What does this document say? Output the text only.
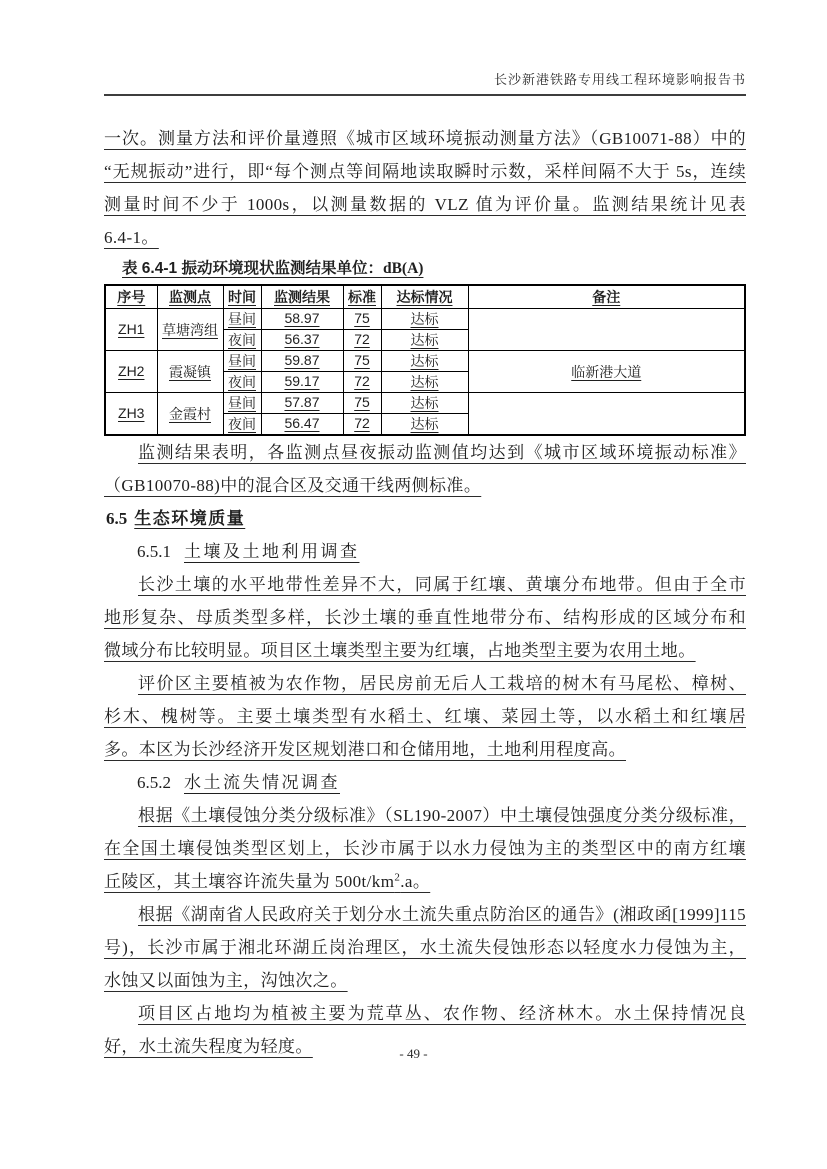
长沙新港铁路专用线工程环境影响报告书
一次。测量方法和评价量遵照《城市区域环境振动测量方法》（GB10071-88）中的
“无规振动”进行，即“每个测点等间隔地读取瞬时示数，采样间隔不大于 5s，连续
测量时间不少于 1000s，以测量数据的 VLZ 值为评价量。监测结果统计见表
6.4-1。
表 6.4-1 振动环境现状监测结果单位：dB(A)
序号	监测点	时间	监测结果	标准	达标情况	备注
ZH1	草塘湾组	昼间	58.97	75	达标	
		夜间	56.37	72	达标	
ZH2	霞凝镇	昼间	59.87	75	达标	临新港大道
		夜间	59.17	72	达标	
ZH3	金霞村	昼间	57.87	75	达标	
		夜间	56.47	72	达标	
监测结果表明，各监测点昼夜振动监测值均达到《城市区域环境振动标准》
（GB10070-88)中的混合区及交通干线两侧标准。
6.5 生态环境质量
6.5.1 土壤及土地利用调查
长沙土壤的水平地带性差异不大，同属于红壤、黄壤分布地带。但由于全市
地形复杂、母质类型多样，长沙土壤的垂直性地带分布、结构形成的区域分布和
微域分布比较明显。项目区土壤类型主要为红壤，占地类型主要为农用土地。
评价区主要植被为农作物，居民房前无后人工栽培的树木有马尾松、樟树、
杉木、槐树等。主要土壤类型有水稻土、红壤、菜园土等，以水稻土和红壤居
多。本区为长沙经济开发区规划港口和仓储用地，土地利用程度高。
6.5.2 水土流失情况调查
根据《土壤侵蚀分类分级标准》（SL190-2007）中土壤侵蚀强度分类分级标准，
在全国土壤侵蚀类型区划上，长沙市属于以水力侵蚀为主的类型区中的南方红壤
丘陵区，其土壤容许流失量为 $500t/km^2.a$。
根据《湖南省人民政府关于划分水土流失重点防治区的通告》(湘政函[1999]115
号)，长沙市属于湘北环湖丘岗治理区，水土流失侵蚀形态以轻度水力侵蚀为主，
水蚀又以面蚀为主，沟蚀次之。
项目区占地均为植被主要为荒草丛、农作物、经济林木。水土保持情况良
好，水土流失程度为轻度。	- 49 -
